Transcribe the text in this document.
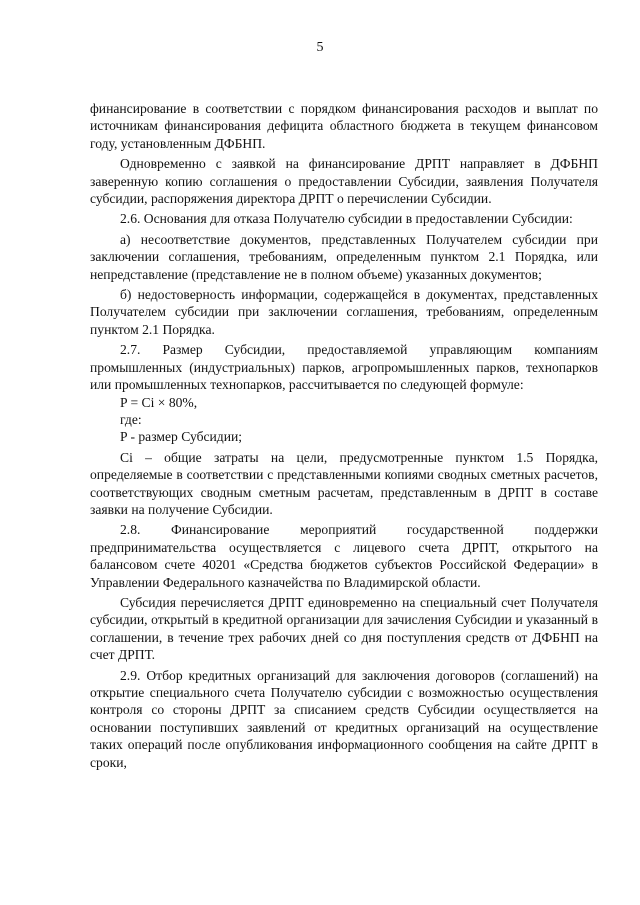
5

финансирование в соответствии с порядком финансирования расходов и выплат по источникам финансирования дефицита областного бюджета в текущем финансовом году, установленным ДФБНП.

Одновременно с заявкой на финансирование ДРПТ направляет в ДФБНП заверенную копию соглашения о предоставлении Субсидии, заявления Получателя субсидии, распоряжения директора ДРПТ о перечислении Субсидии.

2.6. Основания для отказа Получателю субсидии в предоставлении Субсидии:

а) несоответствие документов, представленных Получателем субсидии при заключении соглашения, требованиям, определенным пунктом 2.1 Порядка, или непредставление (представление не в полном объеме) указанных документов;

б) недостоверность информации, содержащейся в документах, представленных Получателем субсидии при заключении соглашения, требованиям, определенным пунктом 2.1 Порядка.

2.7. Размер Субсидии, предоставляемой управляющим компаниям промышленных (индустриальных) парков, агропромышленных парков, технопарков или промышленных технопарков, рассчитывается по следующей формуле:

P = Ci × 80%,

где:

P - размер Субсидии;

Ci – общие затраты на цели, предусмотренные пунктом 1.5 Порядка, определяемые в соответствии с представленными копиями сводных сметных расчетов, соответствующих сводным сметным расчетам, представленным в ДРПТ в составе заявки на получение Субсидии.

2.8. Финансирование мероприятий государственной поддержки предпринимательства осуществляется с лицевого счета ДРПТ, открытого на балансовом счете 40201 «Средства бюджетов субъектов Российской Федерации» в Управлении Федерального казначейства по Владимирской области.

Субсидия перечисляется ДРПТ единовременно на специальный счет Получателя субсидии, открытый в кредитной организации для зачисления Субсидии и указанный в соглашении, в течение трех рабочих дней со дня поступления средств от ДФБНП на счет ДРПТ.

2.9. Отбор кредитных организаций для заключения договоров (соглашений) на открытие специального счета Получателю субсидии с возможностью осуществления контроля со стороны ДРПТ за списанием средств Субсидии осуществляется на основании поступивших заявлений от кредитных организаций на осуществление таких операций после опубликования информационного сообщения на сайте ДРПТ в сроки,
